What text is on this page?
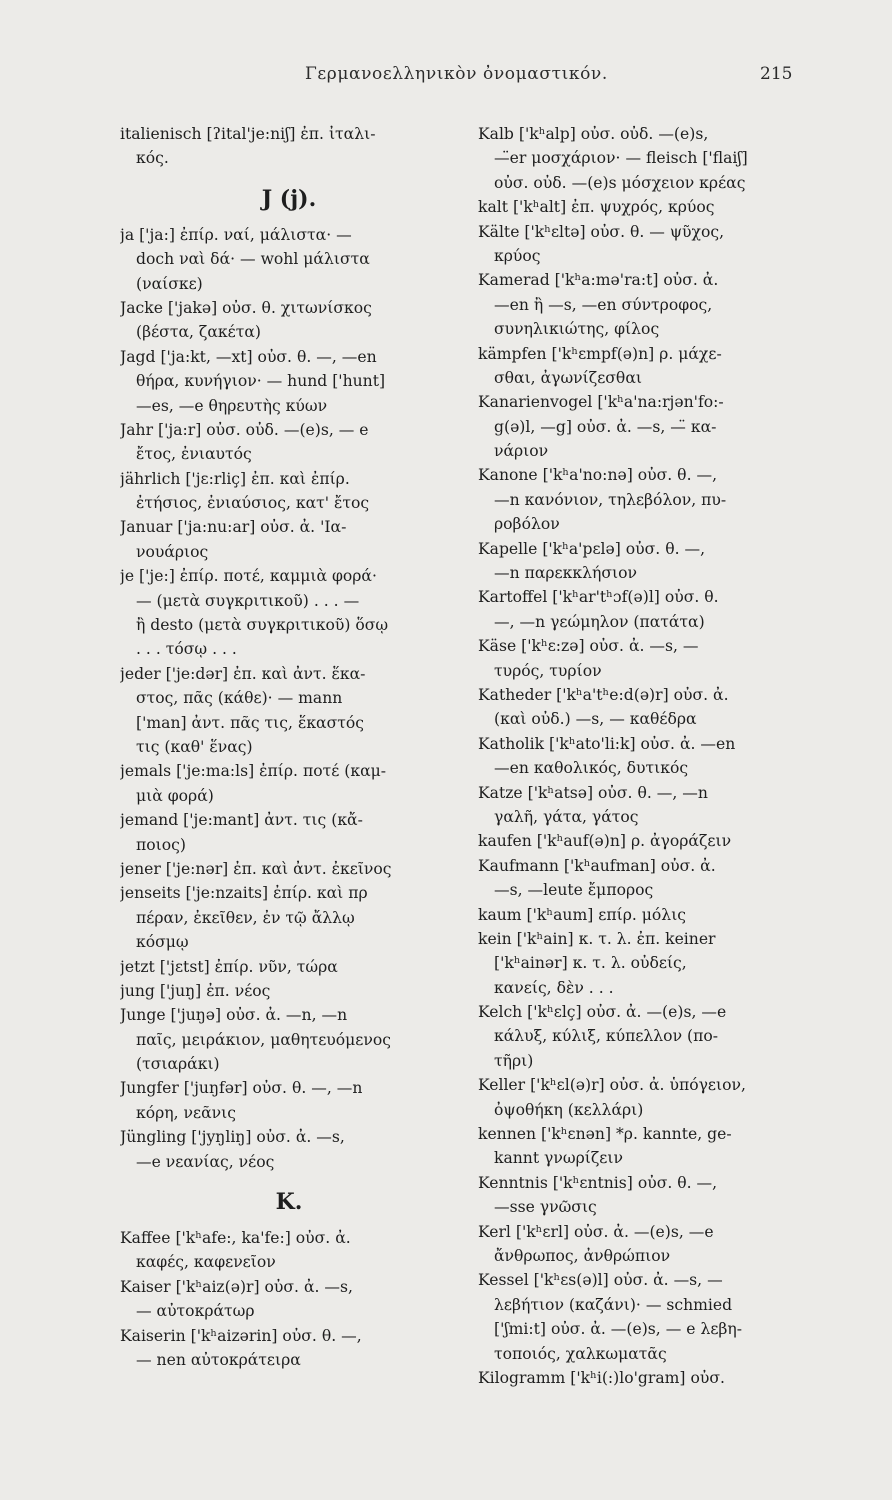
Γερμανοελληνικὸν ὀνομαστικόν.	215
italienisch [ʔital'je:niʃ] ἐπ. ἰταλι-
κός.
J (j).
ja ['ja:] ἐπίρ. ναί, μάλιστα· —
doch ναὶ δά· — wohl μάλιστα
(ναίσκε)
Jacke ['jakə] οὐσ. θ. χιτωνίσκος
(βέστα, ζακέτα)
Jagd ['ja:kt, —xt] οὐσ. θ. —, —en
θήρα, κυνήγιον· — hund ['hunt]
—es, —e θηρευτὴς κύων
Jahr ['ja:r] οὐσ. οὐδ. —(e)s, — e
ἔτος, ἐνιαυτός
jährlich ['jɛ:rliç] ἐπ. καὶ ἐπίρ.
ἐτήσιος, ἐνιαύσιος, κατ' ἔτος
Januar ['ja:nu:ar] οὐσ. ἀ. 'Ια-
νουάριος
je ['je:] ἐπίρ. ποτέ, καμμιὰ φορά·
— (μετὰ συγκριτικοῦ) . . . —
ἢ desto (μετὰ συγκριτικοῦ) ὅσῳ
. . . τόσῳ . . .
jeder ['je:dər] ἐπ. καὶ ἀντ. ἕκα-
στος, πᾶς (κάθε)· — mann
['man] ἀντ. πᾶς τις, ἕκαστός
τις (καθ' ἕνας)
jemals ['je:ma:ls] ἐπίρ. ποτέ (καμ-
μιὰ φορά)
jemand ['je:mant] ἀντ. τις (κἄ-
ποιος)
jener ['je:nər] ἐπ. καὶ ἀντ. ἐκεῖνος
jenseits ['je:nzaits] ἐπίρ. καὶ πρ
πέραν, ἐκεῖθεν, ἐν τῷ ἄλλῳ
κόσμῳ
jetzt ['jɛtst] ἐπίρ. νῦν, τώρα
jung ['juŋ] ἐπ. νέος
Junge ['juŋə] οὐσ. ἀ. —n, —n
παῖς, μειράκιον, μαθητευόμενος
(τσιαράκι)
Jungfer ['juŋfər] οὐσ. θ. —, —n
κόρη, νεᾶνις
Jüngling ['jyŋliŋ] οὐσ. ἀ. —s,
—e νεανίας, νέος
K.
Kaffee ['kʰafe:, ka'fe:] οὐσ. ἀ.
καφές, καφενεῖον
Kaiser ['kʰaiz(ə)r] οὐσ. ἀ. —s,
— αὐτοκράτωρ
Kaiserin ['kʰaizərin] οὐσ. θ. —,
— nen αὐτοκράτειρα
Kalb ['kʰalp] οὐσ. οὐδ. —(e)s,
—̈er μοσχάριον· — fleisch ['flaiʃ]
οὐσ. οὐδ. —(e)s μόσχειον κρέας
kalt ['kʰalt] ἐπ. ψυχρός, κρύος
Kälte ['kʰɛltə] οὐσ. θ. — ψῦχος,
κρύος
Kamerad ['kʰa:mə'ra:t] οὐσ. ἀ.
—en ἢ —s, —en σύντροφος,
συνηλικιώτης, φίλος
kämpfen ['kʰɛmpf(ə)n] ρ. μάχε-
σθαι, ἀγωνίζεσθαι
Kanarienvogel ['kʰa'na:rjən'fo:-
g(ə)l, —g] οὐσ. ἀ. —s, —̈ κα-
νάριον
Kanone ['kʰa'no:nə] οὐσ. θ. —,
—n κανόνιον, τηλεβόλον, πυ-
ροβόλον
Kapelle ['kʰa'pɛlə] οὐσ. θ. —,
—n παρεκκλήσιον
Kartoffel ['kʰar'tʰɔf(ə)l] οὐσ. θ.
—, —n γεώμηλον (πατάτα)
Käse ['kʰɛ:zə] οὐσ. ἀ. —s, —
τυρός, τυρίον
Katheder ['kʰa'tʰe:d(ə)r] οὐσ. ἀ.
(καὶ οὐδ.) —s, — καθέδρα
Katholik ['kʰato'li:k] οὐσ. ἀ. —en
—en καθολικός, δυτικός
Katze ['kʰatsə] οὐσ. θ. —, —n
γαλῆ, γάτα, γάτος
kaufen ['kʰauf(ə)n] ρ. ἀγοράζειν
Kaufmann ['kʰaufman] οὐσ. ἀ.
—s, —leute ἔμπορος
kaum ['kʰaum] επίρ. μόλις
kein ['kʰain] κ. τ. λ. ἐπ. keiner
['kʰainər] κ. τ. λ. οὐδείς,
κανείς, δὲν . . .
Kelch ['kʰɛlç] οὐσ. ἀ. —(e)s, —e
κάλυξ, κύλιξ, κύπελλον (πο-
τῆρι)
Keller ['kʰɛl(ə)r] οὐσ. ἀ. ὑπόγειον,
ὀψοθήκη (κελλάρι)
kennen ['kʰɛnən] *ρ. kannte, ge-
kannt γνωρίζειν
Kenntnis ['kʰɛntnis] οὐσ. θ. —,
—sse γνῶσις
Kerl ['kʰɛrl] οὐσ. ἀ. —(e)s, —e
ἄνθρωπος, ἀνθρώπιον
Kessel ['kʰɛs(ə)l] οὐσ. ἀ. —s, —
λεβήτιον (καζάνι)· — schmied
['ʃmi:t] οὐσ. ἀ. —(e)s, — e λεβη-
τοποιός, χαλκωματᾶς
Kilogramm ['kʰi(:)lo'gram] οὐσ.
